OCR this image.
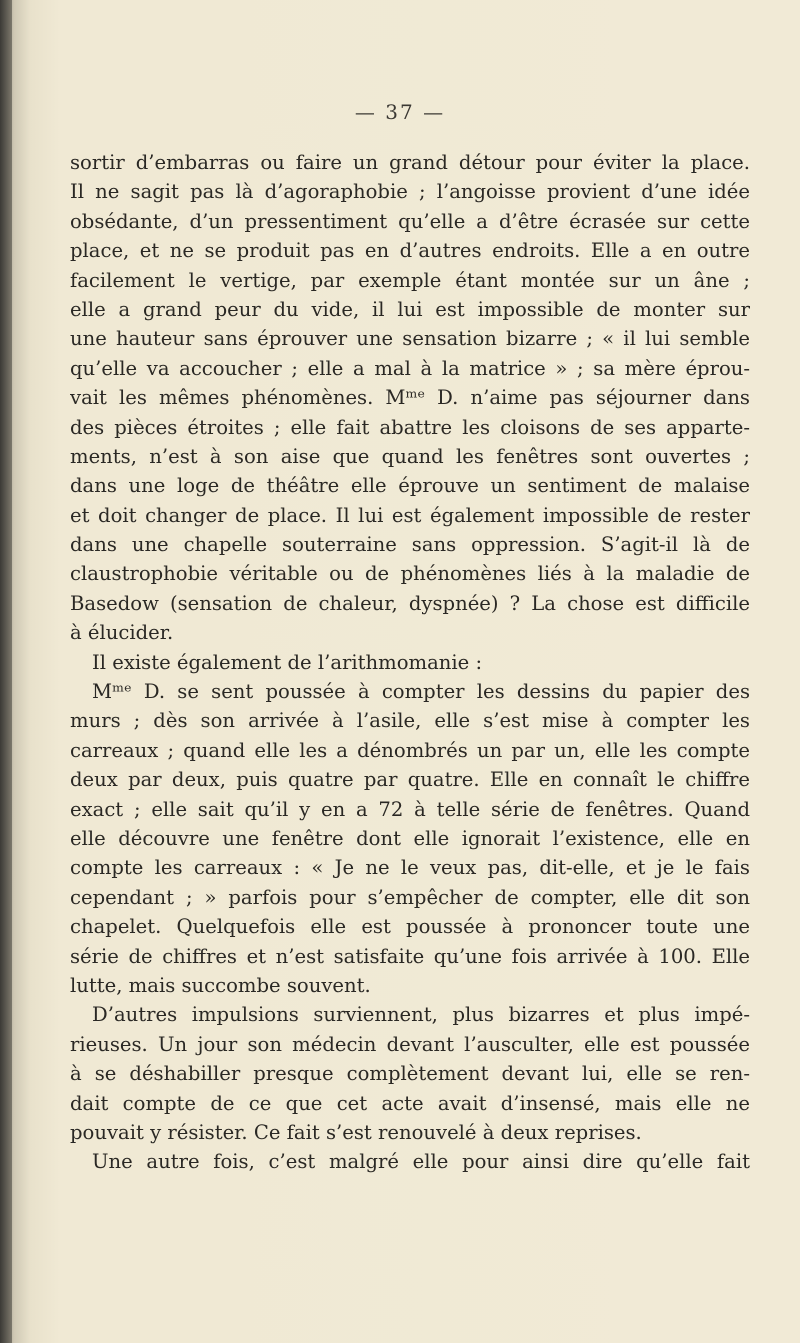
— 37 —
sortir d’embarras ou faire un grand détour pour éviter la place.
Il ne sagit pas là d’agoraphobie ; l’angoisse provient d’une idée
obsédante, d’un pressentiment qu’elle a d’être écrasée sur cette
place, et ne se produit pas en d’autres endroits. Elle a en outre
facilement le vertige, par exemple étant montée sur un âne ;
elle a grand peur du vide, il lui est impossible de monter sur
une hauteur sans éprouver une sensation bizarre ; « il lui semble
qu’elle va accoucher ; elle a mal à la matrice » ; sa mère éprou-
vait les mêmes phénomènes. Mᵐᵉ D. n’aime pas séjourner dans
des pièces étroites ; elle fait abattre les cloisons de ses apparte-
ments, n’est à son aise que quand les fenêtres sont ouvertes ;
dans une loge de théâtre elle éprouve un sentiment de malaise
et doit changer de place. Il lui est également impossible de rester
dans une chapelle souterraine sans oppression. S’agit-il là de
claustrophobie véritable ou de phénomènes liés à la maladie de
Basedow (sensation de chaleur, dyspnée) ? La chose est difficile
à élucider.
Il existe également de l’arithmomanie :
Mᵐᵉ D. se sent poussée à compter les dessins du papier des
murs ; dès son arrivée à l’asile, elle s’est mise à compter les
carreaux ; quand elle les a dénombrés un par un, elle les compte
deux par deux, puis quatre par quatre. Elle en connaît le chiffre
exact ; elle sait qu’il y en a 72 à telle série de fenêtres. Quand
elle découvre une fenêtre dont elle ignorait l’existence, elle en
compte les carreaux : « Je ne le veux pas, dit-elle, et je le fais
cependant ; » parfois pour s’empêcher de compter, elle dit son
chapelet. Quelquefois elle est poussée à prononcer toute une
série de chiffres et n’est satisfaite qu’une fois arrivée à 100. Elle
lutte, mais succombe souvent.
D’autres impulsions surviennent, plus bizarres et plus impé-
rieuses. Un jour son médecin devant l’ausculter, elle est poussée
à se déshabiller presque complètement devant lui, elle se ren-
dait compte de ce que cet acte avait d’insensé, mais elle ne
pouvait y résister. Ce fait s’est renouvelé à deux reprises.
Une autre fois, c’est malgré elle pour ainsi dire qu’elle fait
